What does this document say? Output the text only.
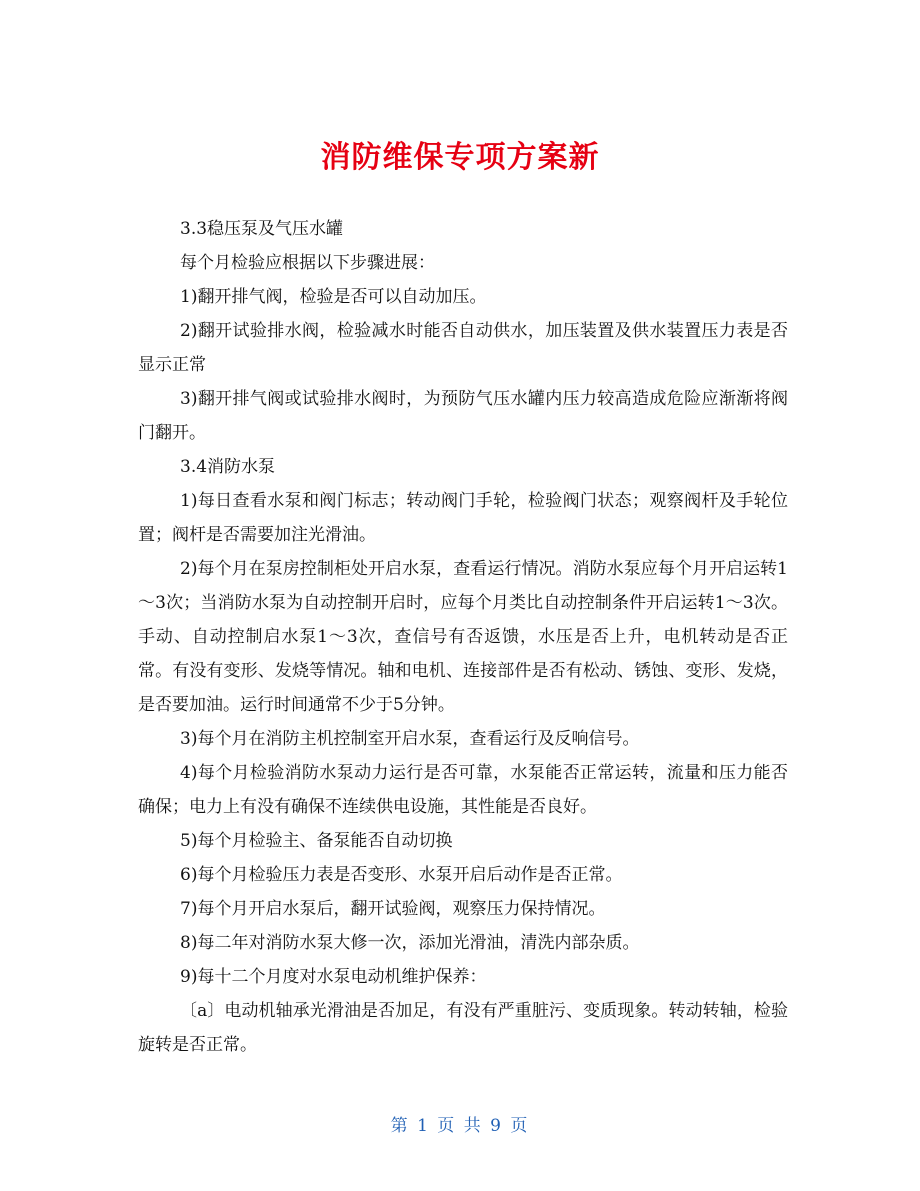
消防维保专项方案新

3.3稳压泵及气压水罐

每个月检验应根据以下步骤进展：

1)翻开排气阀，检验是否可以自动加压。

2)翻开试验排水阀，检验减水时能否自动供水，加压装置及供水装置压力表是否显示正常

3)翻开排气阀或试验排水阀时，为预防气压水罐内压力较高造成危险应渐渐将阀门翻开。

3.4消防水泵

1)每日查看水泵和阀门标志；转动阀门手轮，检验阀门状态；观察阀杆及手轮位置；阀杆是否需要加注光滑油。

2)每个月在泵房控制柜处开启水泵，查看运行情况。消防水泵应每个月开启运转1～3次；当消防水泵为自动控制开启时，应每个月类比自动控制条件开启运转1～3次。手动、自动控制启水泵1～3次，查信号有否返馈，水压是否上升，电机转动是否正常。有没有变形、发烧等情况。轴和电机、连接部件是否有松动、锈蚀、变形、发烧，是否要加油。运行时间通常不少于5分钟。

3)每个月在消防主机控制室开启水泵，查看运行及反响信号。

4)每个月检验消防水泵动力运行是否可靠，水泵能否正常运转，流量和压力能否确保；电力上有没有确保不连续供电设施，其性能是否良好。

5)每个月检验主、备泵能否自动切换

6)每个月检验压力表是否变形、水泵开启后动作是否正常。

7)每个月开启水泵后，翻开试验阀，观察压力保持情况。

8)每二年对消防水泵大修一次，添加光滑油，清洗内部杂质。

9)每十二个月度对水泵电动机维护保养：

〔a〕电动机轴承光滑油是否加足，有没有严重脏污、变质现象。转动转轴，检验旋转是否正常。

第 1 页 共 9 页
